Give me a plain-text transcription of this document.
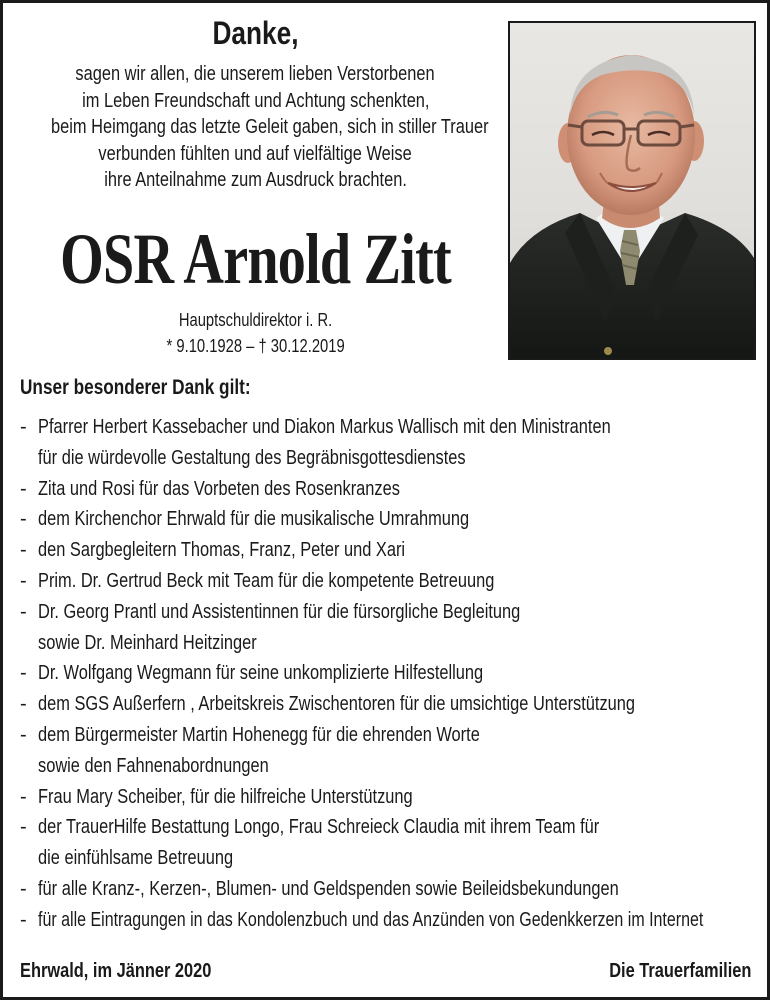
Danke,
sagen wir allen, die unserem lieben Verstorbenen
im Leben Freundschaft und Achtung schenkten,
beim Heimgang das letzte Geleit gaben, sich in stiller Trauer
verbunden fühlten und auf vielfältige Weise
ihre Anteilnahme zum Ausdruck brachten.
OSR Arnold Zitt
Hauptschuldirektor i. R.
* 9.10.1928 – † 30.12.2019
Unser besonderer Dank gilt:
- Pfarrer Herbert Kassebacher und Diakon Markus Wallisch mit den Ministranten
für die würdevolle Gestaltung des Begräbnisgottesdienstes
- Zita und Rosi für das Vorbeten des Rosenkranzes
- dem Kirchenchor Ehrwald für die musikalische Umrahmung
- den Sargbegleitern Thomas, Franz, Peter und Xari
- Prim. Dr. Gertrud Beck mit Team für die kompetente Betreuung
- Dr. Georg Prantl und Assistentinnen für die fürsorgliche Begleitung
sowie Dr. Meinhard Heitzinger
- Dr. Wolfgang Wegmann für seine unkomplizierte Hilfestellung
- dem SGS Außerfern , Arbeitskreis Zwischentoren für die umsichtige Unterstützung
- dem Bürgermeister Martin Hohenegg für die ehrenden Worte
sowie den Fahnenabordnungen
- Frau Mary Scheiber, für die hilfreiche Unterstützung
- der TrauerHilfe Bestattung Longo, Frau Schreieck Claudia mit ihrem Team für
die einfühlsame Betreuung
- für alle Kranz-, Kerzen-, Blumen- und Geldspenden sowie Beileidsbekundungen
- für alle Eintragungen in das Kondolenzbuch und das Anzünden von Gedenkkerzen im Internet
Ehrwald, im Jänner 2020	Die Trauerfamilien
